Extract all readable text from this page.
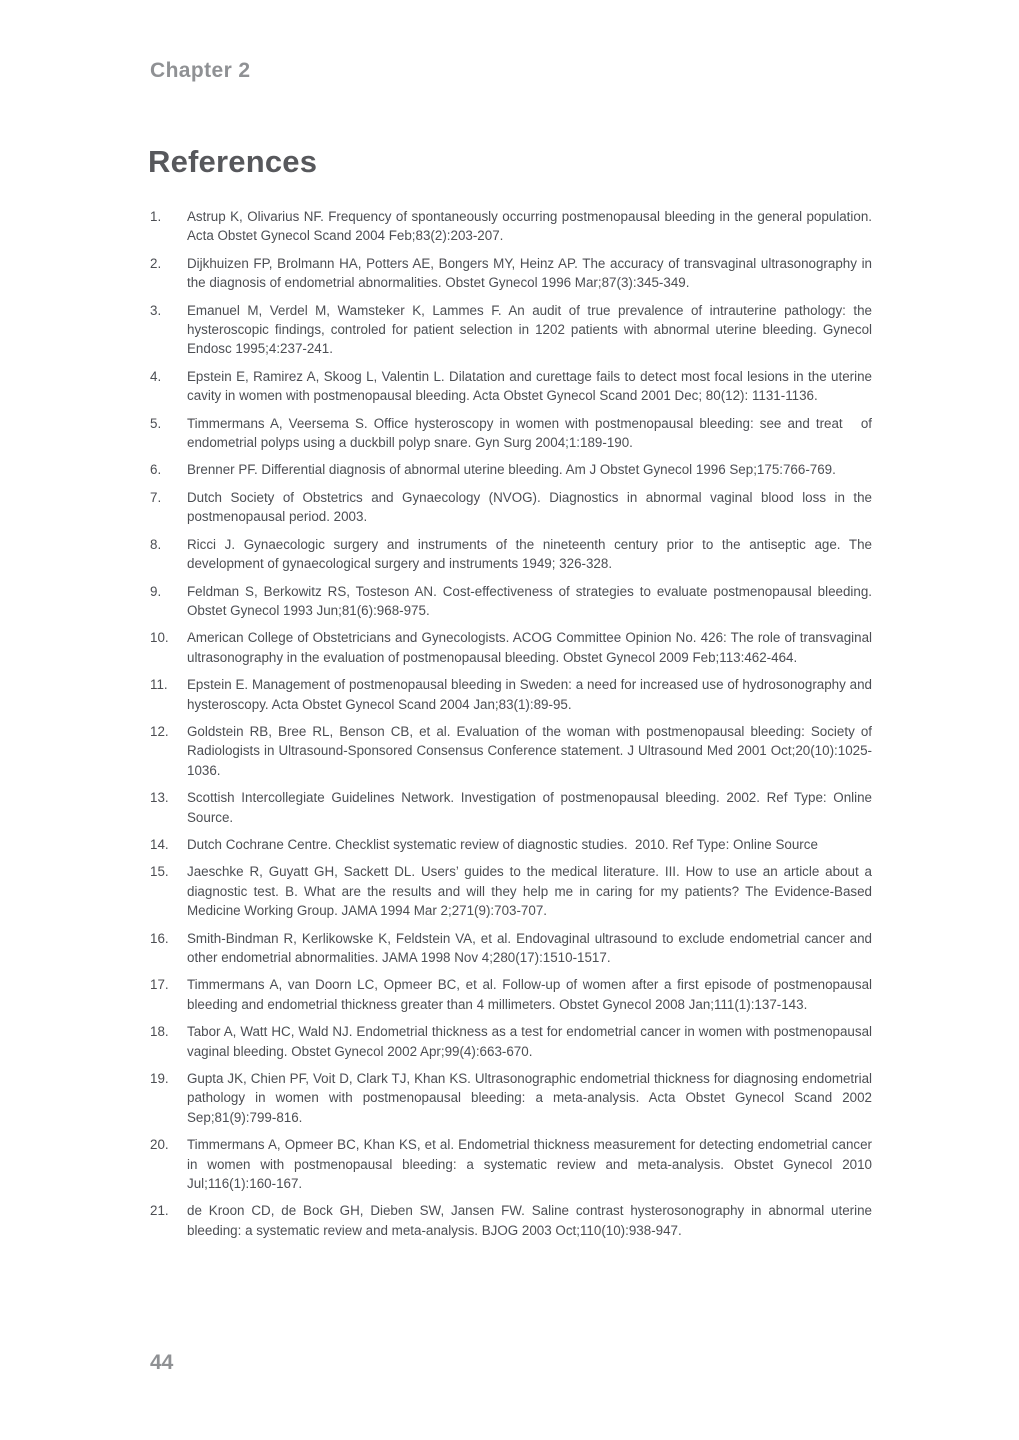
Chapter 2
References
1. Astrup K, Olivarius NF. Frequency of spontaneously occurring postmenopausal bleeding in the general population. Acta Obstet Gynecol Scand 2004 Feb;83(2):203-207.
2. Dijkhuizen FP, Brolmann HA, Potters AE, Bongers MY, Heinz AP. The accuracy of transvaginal ultrasonography in the diagnosis of endometrial abnormalities. Obstet Gynecol 1996 Mar;87(3):345-349.
3. Emanuel M, Verdel M, Wamsteker K, Lammes F. An audit of true prevalence of intrauterine pathology: the hysteroscopic findings, controled for patient selection in 1202 patients with abnormal uterine bleeding. Gynecol Endosc 1995;4:237-241.
4. Epstein E, Ramirez A, Skoog L, Valentin L. Dilatation and curettage fails to detect most focal lesions in the uterine cavity in women with postmenopausal bleeding. Acta Obstet Gynecol Scand 2001 Dec; 80(12): 1131-1136.
5. Timmermans A, Veersema S. Office hysteroscopy in women with postmenopausal bleeding: see and treat   of endometrial polyps using a duckbill polyp snare. Gyn Surg 2004;1:189-190.
6. Brenner PF. Differential diagnosis of abnormal uterine bleeding. Am J Obstet Gynecol 1996 Sep;175:766-769.
7. Dutch Society of Obstetrics and Gynaecology (NVOG). Diagnostics in abnormal vaginal blood loss in the postmenopausal period. 2003.
8. Ricci J. Gynaecologic surgery and instruments of the nineteenth century prior to the antiseptic age. The development of gynaecological surgery and instruments 1949; 326-328.
9. Feldman S, Berkowitz RS, Tosteson AN. Cost-effectiveness of strategies to evaluate postmenopausal bleeding. Obstet Gynecol 1993 Jun;81(6):968-975.
10. American College of Obstetricians and Gynecologists. ACOG Committee Opinion No. 426: The role of transvaginal ultrasonography in the evaluation of postmenopausal bleeding. Obstet Gynecol 2009 Feb;113:462-464.
11. Epstein E. Management of postmenopausal bleeding in Sweden: a need for increased use of hydrosonography and hysteroscopy. Acta Obstet Gynecol Scand 2004 Jan;83(1):89-95.
12. Goldstein RB, Bree RL, Benson CB, et al. Evaluation of the woman with postmenopausal bleeding: Society of Radiologists in Ultrasound-Sponsored Consensus Conference statement. J Ultrasound Med 2001 Oct;20(10):1025-1036.
13. Scottish Intercollegiate Guidelines Network. Investigation of postmenopausal bleeding. 2002. Ref Type: Online Source.
14. Dutch Cochrane Centre. Checklist systematic review of diagnostic studies.  2010. Ref Type: Online Source
15. Jaeschke R, Guyatt GH, Sackett DL. Users’ guides to the medical literature. III. How to use an article about a diagnostic test. B. What are the results and will they help me in caring for my patients? The Evidence-Based Medicine Working Group. JAMA 1994 Mar 2;271(9):703-707.
16. Smith-Bindman R, Kerlikowske K, Feldstein VA, et al. Endovaginal ultrasound to exclude endometrial cancer and other endometrial abnormalities. JAMA 1998 Nov 4;280(17):1510-1517.
17. Timmermans A, van Doorn LC, Opmeer BC, et al. Follow-up of women after a first episode of postmenopausal bleeding and endometrial thickness greater than 4 millimeters. Obstet Gynecol 2008 Jan;111(1):137-143.
18. Tabor A, Watt HC, Wald NJ. Endometrial thickness as a test for endometrial cancer in women with postmenopausal vaginal bleeding. Obstet Gynecol 2002 Apr;99(4):663-670.
19. Gupta JK, Chien PF, Voit D, Clark TJ, Khan KS. Ultrasonographic endometrial thickness for diagnosing endometrial pathology in women with postmenopausal bleeding: a meta-analysis. Acta Obstet Gynecol Scand 2002 Sep;81(9):799-816.
20. Timmermans A, Opmeer BC, Khan KS, et al. Endometrial thickness measurement for detecting endometrial cancer in women with postmenopausal bleeding: a systematic review and meta-analysis. Obstet Gynecol 2010 Jul;116(1):160-167.
21. de Kroon CD, de Bock GH, Dieben SW, Jansen FW. Saline contrast hysterosonography in abnormal uterine bleeding: a systematic review and meta-analysis. BJOG 2003 Oct;110(10):938-947.
44
